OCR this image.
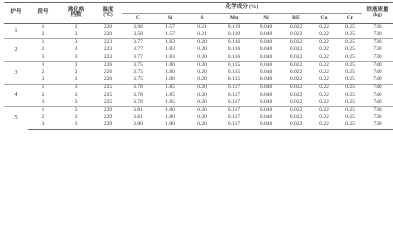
炉号	段号	沸化格
档数	温度
(℃)	化学成分 (%)								铁液质量
(kg)
				C	Si	S	Mn	Ni	RE	Cu	Cr	
1	1	3	220	3.68	1.57	0.21	0.119	0.040	0.022	0.22	0.25	730
	2	3	220	3.58	1.57	0.21	0.119	0.040	0.022	0.22	0.25	730
2	1	3	223	3.77	1.83	0.20	0.116	0.040	0.022	0.22	0.25	730
	2	3	223	3.77	1.83	0.20	0.116	0.040	0.022	0.22	0.25	730
	3	3	223	3.77	1.83	0.20	0.116	0.040	0.022	0.22	0.25	730
3	1	3	226	3.75	1.80	0.20	0.115	0.040	0.022	0.22	0.25	740
	2	3	226	3.75	1.80	0.20	0.115	0.040	0.022	0.22	0.25	740
	3	3	226	3.75	1.80	0.20	0.115	0.040	0.022	0.22	0.25	740
4	1	3	225	3.78	1.85	0.20	0.117	0.040	0.022	0.22	0.25	740
	2	3	225	3.78	1.85	0.20	0.117	0.040	0.022	0.22	0.25	740
	3	3	225	3.78	1.85	0.20	0.117	0.040	0.022	0.22	0.25	740
5	1	3	229	3.81	1.80	0.20	0.117	0.040	0.022	0.22	0.25	730
	2	3	229	3.81	1.80	0.20	0.117	0.040	0.022	0.22	0.25	730
	3	3	229	3.80	1.80	0.20	0.117	0.040	0.022	0.22	0.25	730
